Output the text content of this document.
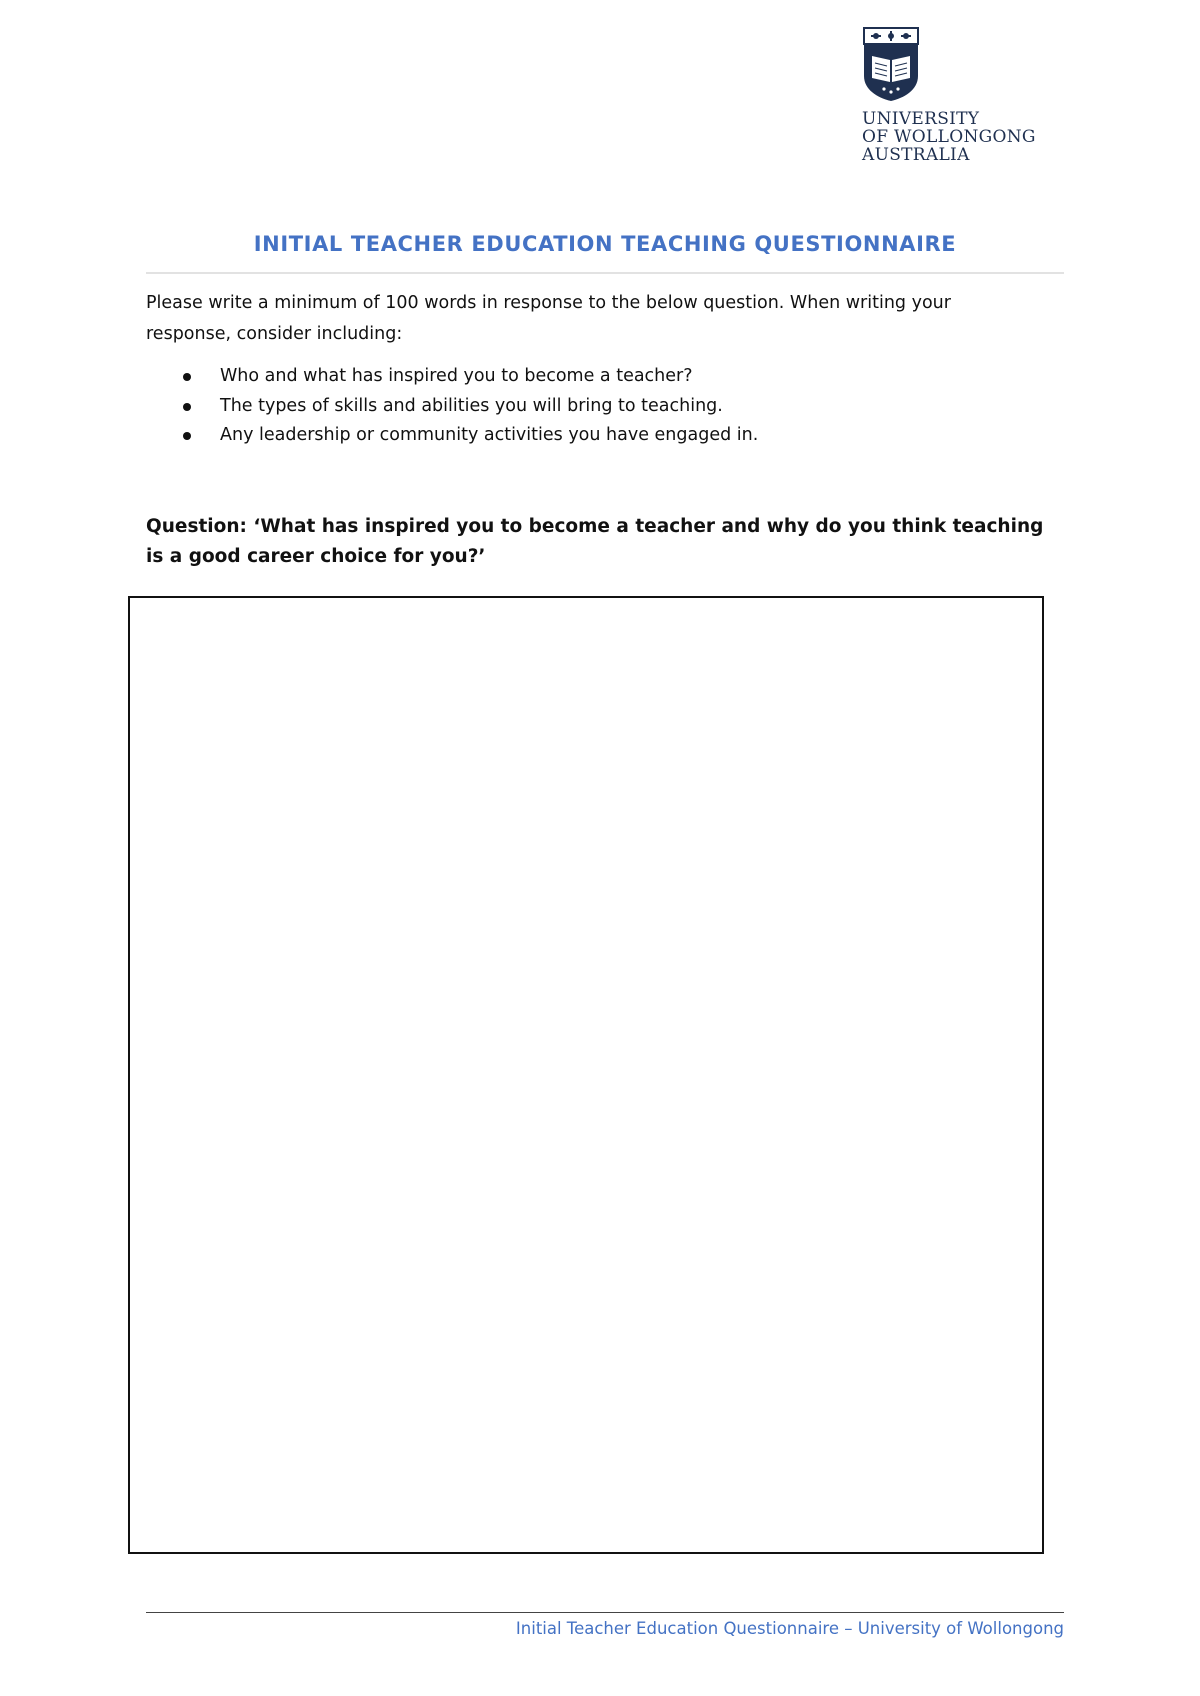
UNIVERSITY
OF WOLLONGONG
AUSTRALIA
INITIAL TEACHER EDUCATION TEACHING QUESTIONNAIRE

Please write a minimum of 100 words in response to the below question. When writing your response, consider including:

Who and what has inspired you to become a teacher?
The types of skills and abilities you will bring to teaching.
Any leadership or community activities you have engaged in.

Question: ‘What has inspired you to become a teacher and why do you think teaching is a good career choice for you?’

Initial Teacher Education Questionnaire – University of Wollongong
